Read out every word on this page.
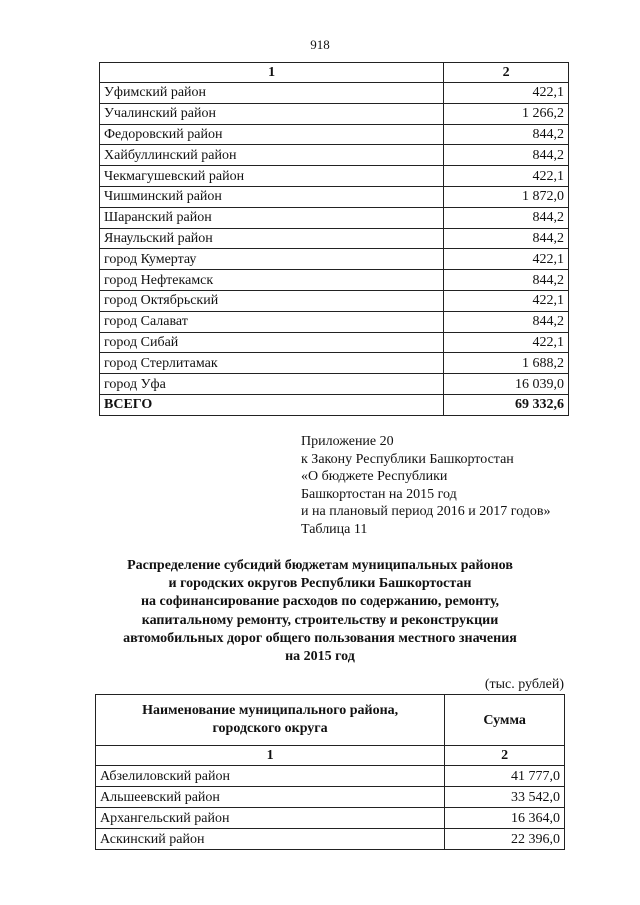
918
1	2
Уфимский район	422,1
Учалинский район	1 266,2
Федоровский район	844,2
Хайбуллинский район	844,2
Чекмагушевский район	422,1
Чишминский район	1 872,0
Шаранский район	844,2
Янаульский район	844,2
город Кумертау	422,1
город Нефтекамск	844,2
город Октябрьский	422,1
город Салават	844,2
город Сибай	422,1
город Стерлитамак	1 688,2
город Уфа	16 039,0
ВСЕГО	69 332,6
Приложение 20
к Закону Республики Башкортостан
«О бюджете Республики
Башкортостан на 2015 год
и на плановый период 2016 и 2017 годов»
Таблица 11
Распределение субсидий бюджетам муниципальных районов
и городских округов Республики Башкортостан
на софинансирование расходов по содержанию, ремонту,
капитальному ремонту, строительству и реконструкции
автомобильных дорог общего пользования местного значения
на 2015 год
(тыс. рублей)
Наименование муниципального района,
городского округа	Сумма
1	2
Абзелиловский район	41 777,0
Альшеевский район	33 542,0
Архангельский район	16 364,0
Аскинский район	22 396,0
